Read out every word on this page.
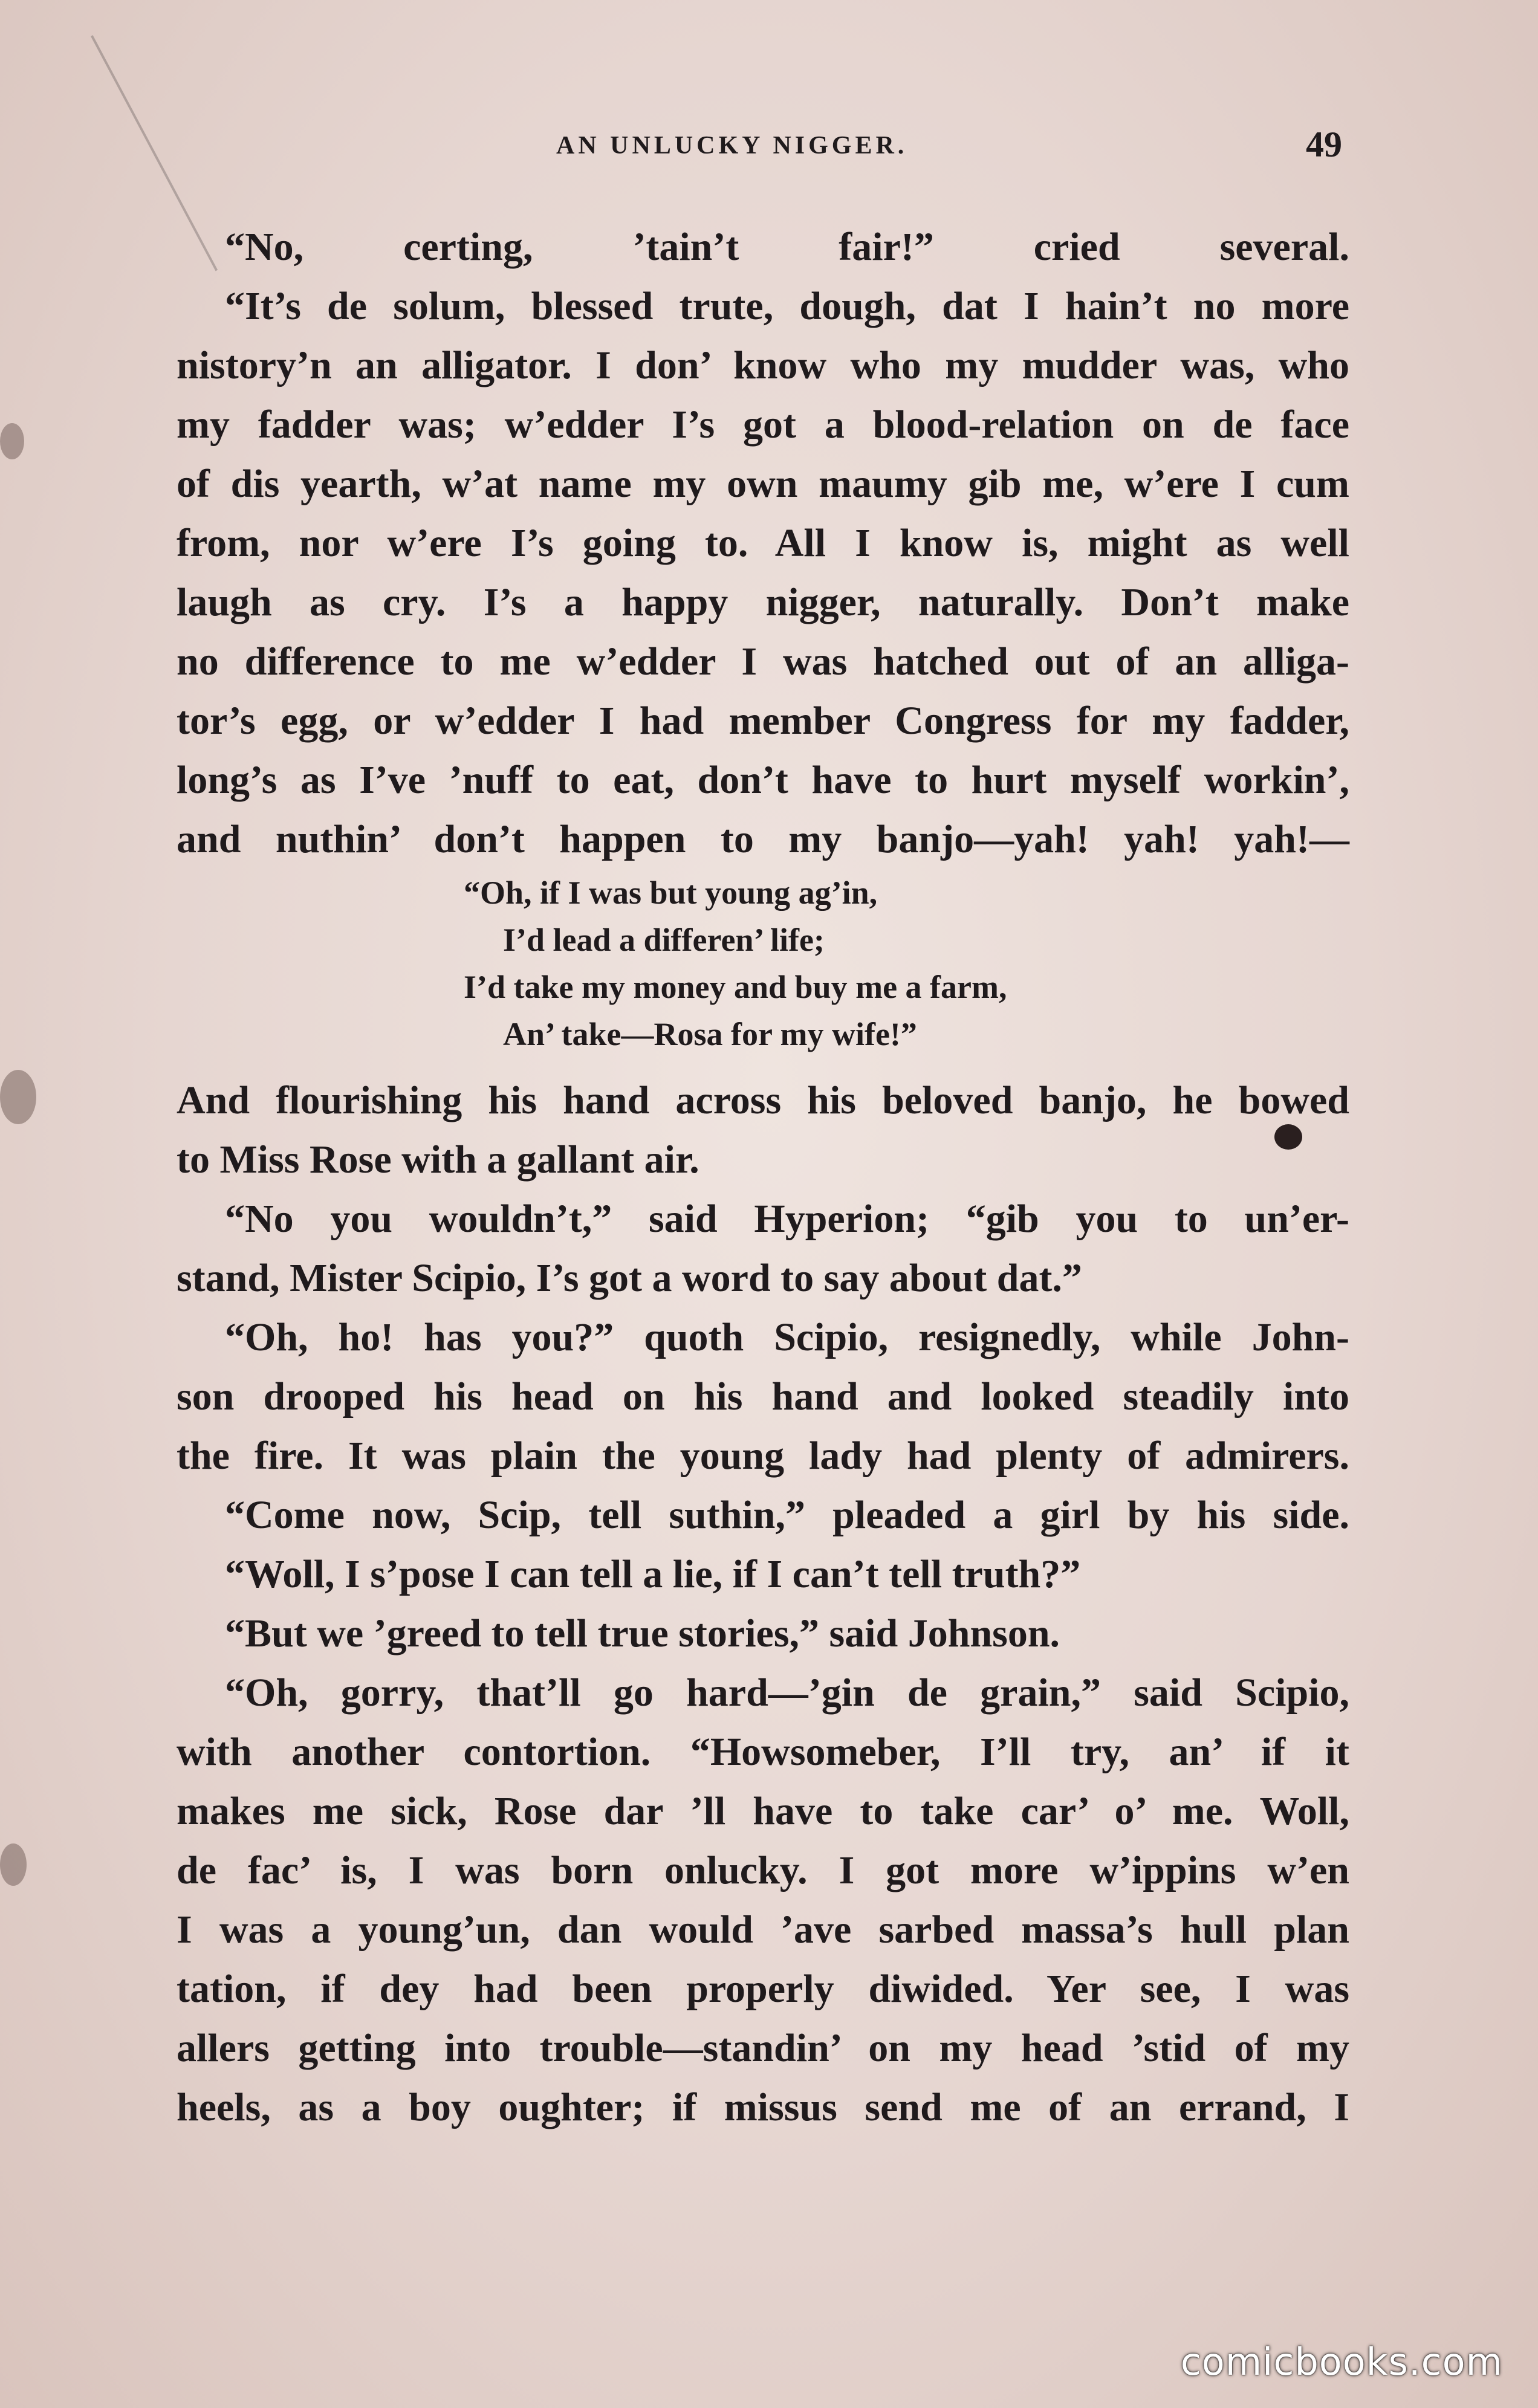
AN UNLUCKY NIGGER.	49
“No, certing, ’tain’t fair!” cried several.
“It’s de solum, blessed trute, dough, dat I hain’t no more
nistory’n an alligator. I don’ know who my mudder was, who
my fadder was; w’edder I’s got a blood-relation on de face
of dis yearth, w’at name my own maumy gib me, w’ere I cum
from, nor w’ere I’s going to. All I know is, might as well
laugh as cry. I’s a happy nigger, naturally. Don’t make
no difference to me w’edder I was hatched out of an alliga-
tor’s egg, or w’edder I had member Congress for my fadder,
long’s as I’ve ’nuff to eat, don’t have to hurt myself workin’,
and nuthin’ don’t happen to my banjo—yah! yah! yah!—
“Oh, if I was but young ag’in,
I’d lead a differen’ life;
I’d take my money and buy me a farm,
An’ take—Rosa for my wife!”
And flourishing his hand across his beloved banjo, he bowed
to Miss Rose with a gallant air.
“No you wouldn’t,” said Hyperion; “gib you to un’er-
stand, Mister Scipio, I’s got a word to say about dat.”
“Oh, ho! has you?” quoth Scipio, resignedly, while John-
son drooped his head on his hand and looked steadily into
the fire. It was plain the young lady had plenty of admirers.
“Come now, Scip, tell suthin,” pleaded a girl by his side.
“Woll, I s’pose I can tell a lie, if I can’t tell truth?”
“But we ’greed to tell true stories,” said Johnson.
“Oh, gorry, that’ll go hard—’gin de grain,” said Scipio,
with another contortion. “Howsomeber, I’ll try, an’ if it
makes me sick, Rose dar ’ll have to take car’ o’ me. Woll,
de fac’ is, I was born onlucky. I got more w’ippins w’en
I was a young’un, dan would ’ave sarbed massa’s hull plan
tation, if dey had been properly diwided. Yer see, I was
allers getting into trouble—standin’ on my head ’stid of my
heels, as a boy oughter; if missus send me of an errand, I
comicbooks.com
